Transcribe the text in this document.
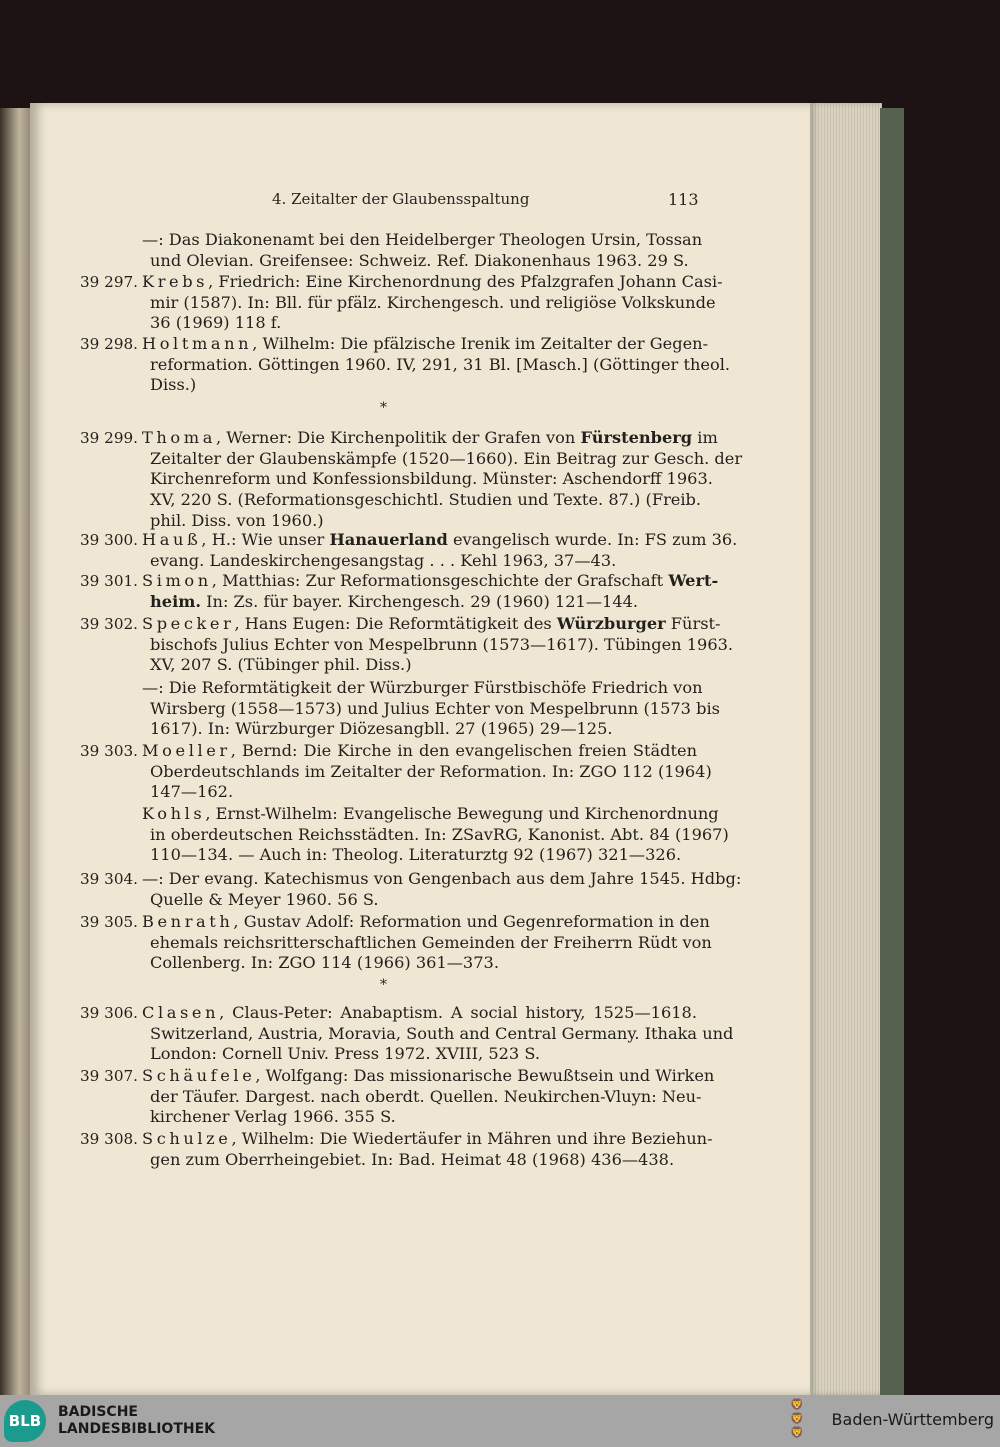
4. Zeitalter der Glaubensspaltung	113
—: Das Diakonenamt bei den Heidelberger Theologen Ursin, Tossan
und Olevian. Greifensee: Schweiz. Ref. Diakonenhaus 1963. 29 S.
39 297. Krebs, Friedrich: Eine Kirchenordnung des Pfalzgrafen Johann Casi-
mir (1587). In: Bll. für pfälz. Kirchengesch. und religiöse Volkskunde
36 (1969) 118 f.
39 298. Holtmann, Wilhelm: Die pfälzische Irenik im Zeitalter der Gegen-
reformation. Göttingen 1960. IV, 291, 31 Bl. [Masch.] (Göttinger theol.
Diss.)
39 299. Thoma, Werner: Die Kirchenpolitik der Grafen von Fürstenberg im
Zeitalter der Glaubenskämpfe (1520—1660). Ein Beitrag zur Gesch. der
Kirchenreform und Konfessionsbildung. Münster: Aschendorff 1963.
XV, 220 S. (Reformationsgeschichtl. Studien und Texte. 87.) (Freib.
phil. Diss. von 1960.)
39 300. Hauß, H.: Wie unser Hanauerland evangelisch wurde. In: FS zum 36.
evang. Landeskirchengesangstag . . . Kehl 1963, 37—43.
39 301. Simon, Matthias: Zur Reformationsgeschichte der Grafschaft Wert-
heim. In: Zs. für bayer. Kirchengesch. 29 (1960) 121—144.
39 302. Specker, Hans Eugen: Die Reformtätigkeit des Würzburger Fürst-
bischofs Julius Echter von Mespelbrunn (1573—1617). Tübingen 1963.
XV, 207 S. (Tübinger phil. Diss.)
—: Die Reformtätigkeit der Würzburger Fürstbischöfe Friedrich von
Wirsberg (1558—1573) und Julius Echter von Mespelbrunn (1573 bis
1617). In: Würzburger Diözesangbll. 27 (1965) 29—125.
39 303. Moeller, Bernd: Die Kirche in den evangelischen freien Städten
Oberdeutschlands im Zeitalter der Reformation. In: ZGO 112 (1964)
147—162.
Kohls, Ernst-Wilhelm: Evangelische Bewegung und Kirchenordnung
in oberdeutschen Reichsstädten. In: ZSavRG, Kanonist. Abt. 84 (1967)
110—134. — Auch in: Theolog. Literaturztg 92 (1967) 321—326.
39 304. —: Der evang. Katechismus von Gengenbach aus dem Jahre 1545. Hdbg:
Quelle & Meyer 1960. 56 S.
39 305. Benrath, Gustav Adolf: Reformation und Gegenreformation in den
ehemals reichsritterschaftlichen Gemeinden der Freiherrn Rüdt von
Collenberg. In: ZGO 114 (1966) 361—373.
39 306. Clasen, Claus-Peter: Anabaptism. A social history, 1525—1618.
Switzerland, Austria, Moravia, South and Central Germany. Ithaka und
London: Cornell Univ. Press 1972. XVIII, 523 S.
39 307. Schäufele, Wolfgang: Das missionarische Bewußtsein und Wirken
der Täufer. Dargest. nach oberdt. Quellen. Neukirchen-Vluyn: Neu-
kirchener Verlag 1966. 355 S.
39 308. Schulze, Wilhelm: Die Wiedertäufer in Mähren und ihre Beziehun-
gen zum Oberrheingebiet. In: Bad. Heimat 48 (1968) 436—438.
*
*
BLB	BADISCHE
LANDESBIBLIOTHEK
🦁
🦁
🦁
Baden-Württemberg
